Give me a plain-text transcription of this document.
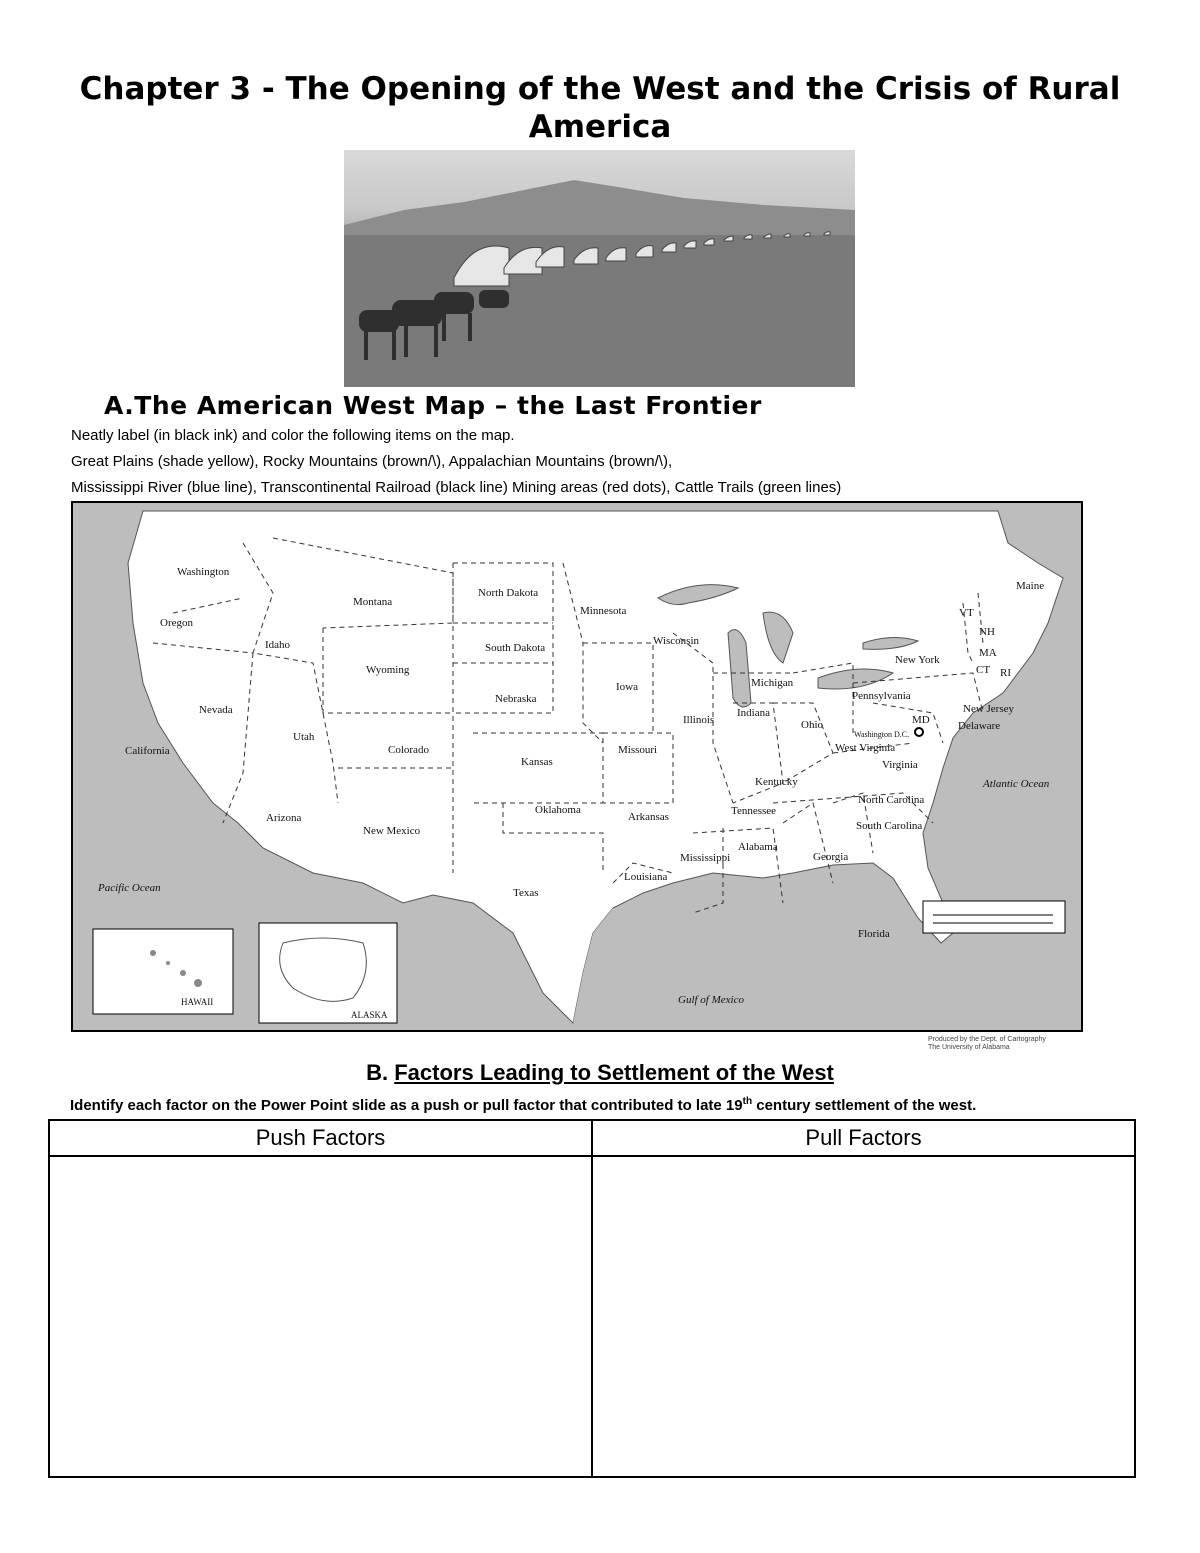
Chapter 3 - The Opening of the West and the Crisis of Rural America
A.The American West Map – the Last Frontier
Neatly label (in black ink) and color the following items on the map.
Great Plains (shade yellow), Rocky Mountains (brown/\), Appalachian Mountains (brown/\),
Mississippi River (blue line), Transcontinental Railroad (black line) Mining areas (red dots), Cattle Trails (green lines)
Washington
Oregon
California
Nevada
Idaho
Montana
Wyoming
Utah
Arizona
Colorado
New Mexico
North Dakota
South Dakota
Nebraska
Kansas
Oklahoma
Texas
Minnesota
Iowa
Missouri
Arkansas
Louisiana
Wisconsin
Illinois
Michigan
Indiana
Ohio
Kentucky
Tennessee
Mississippi
Alabama
Georgia
Florida
South Carolina
North Carolina
Virginia
West Virginia
Pennsylvania
New York
New Jersey
Delaware
MD
VT
NH
MA
CT RI
Maine
Washington D.C.
HAWAII
ALASKA
Pacific Ocean
Atlantic Ocean
Gulf of Mexico
Produced by the Dept. of Cartography
The University of Alabama
B. Factors Leading to Settlement of the West
Identify each factor on the Power Point slide as a push or pull factor that contributed to late 19th century settlement of the west.
Push Factors	Pull Factors
